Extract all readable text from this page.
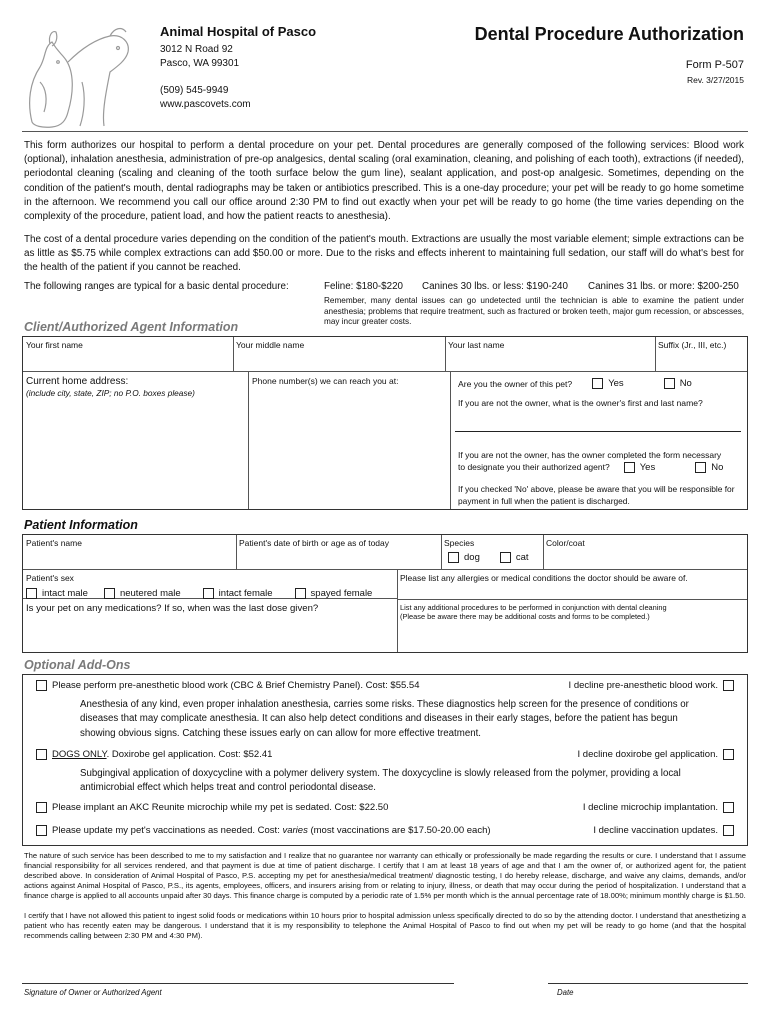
Animal Hospital of Pasco
3012 N Road 92
Pasco, WA 99301
(509) 545-9949
www.pascovets.com
Dental Procedure Authorization
Form P-507
Rev. 3/27/2015
This form authorizes our hospital to perform a dental procedure on your pet. Dental procedures are generally composed of the following services: Blood work (optional), inhalation anesthesia, administration of pre-op analgesics, dental scaling (oral examination, cleaning, and polishing of each tooth), extractions (if needed), periodontal cleaning (scaling and cleaning of the tooth surface below the gum line), sealant application, and post-op analgesic. Sometimes, depending on the condition of the patient's mouth, dental radiographs may be taken or antibiotics prescribed. This is a one-day procedure; your pet will be ready to go home sometime in the afternoon. We recommend you call our office around 2:30 PM to find out exactly when your pet will be ready to go home (the time varies depending on the complexity of the procedure, patient load, and how the patient reacts to anesthesia).
The cost of a dental procedure varies depending on the condition of the patient's mouth. Extractions are usually the most variable element; simple extractions can be as little as $5.75 while complex extractions can add $50.00 or more. Due to the risks and effects inherent to maintaining full sedation, our staff will do what's best for the health of the patient if you cannot be reached.
The following ranges are typical for a basic dental procedure:	Feline: $180-$220 Canines 30 lbs. or less: $190-240 Canines 31 lbs. or more: $200-250
Remember, many dental issues can go undetected until the technician is able to examine the patient under anesthesia; problems that require treatment, such as fractured or broken teeth, major gum recession, or abscesses, may incur greater costs.
Client/Authorized Agent Information
Your first name	Your middle name	Your last name	Suffix (Jr., III, etc.)
Current home address:
(include city, state, ZIP; no P.O. boxes please)
Phone number(s) we can reach you at:	Are you the owner of this pet?	Yes	No
If you are not the owner, what is the owner's first and last name?
If you are not the owner, has the owner completed the form necessary
to designate you their authorized agent?	Yes	No
If you checked 'No' above, please be aware that you will be responsible for payment in full when the patient is discharged.
Patient Information
Patient's name	Patient's date of birth or age as of today	Species
dog	cat
Color/coat
Patient's sex
intact male	neutered male	intact female	spayed female
Please list any allergies or medical conditions the doctor should be aware of.
Is your pet on any medications? If so, when was the last dose given?	List any additional procedures to be performed in conjunction with dental cleaning
(Please be aware there may be additional costs and forms to be completed.)
Optional Add-Ons
Please perform pre-anesthetic blood work (CBC & Brief Chemistry Panel). Cost: $55.54	I decline pre-anesthetic blood work.
Anesthesia of any kind, even proper inhalation anesthesia, carries some risks. These diagnostics help screen for the presence of conditions or diseases that may complicate anesthesia. It can also help detect conditions and diseases in their early stages, before the patient has begun showing obvious signs. Catching these issues early on can allow for more effective treatment.
DOGS ONLY. Doxirobe gel application. Cost: $52.41	I decline doxirobe gel application.
Subgingival application of doxycycline with a polymer delivery system. The doxycycline is slowly released from the polymer, providing a local antimicrobial effect which helps treat and control periodontal disease.
Please implant an AKC Reunite microchip while my pet is sedated. Cost: $22.50	I decline microchip implantation.
Please update my pet's vaccinations as needed. Cost: varies (most vaccinations are $17.50-20.00 each)	I decline vaccination updates.
The nature of such service has been described to me to my satisfaction and I realize that no guarantee nor warranty can ethically or professionally be made regarding the results or cure. I understand that I assume financial responsibility for all services rendered, and that payment is due at time of patient discharge. I certify that I am at least 18 years of age and that I am the owner of, or authorized agent for, the patient described above. In consideration of Animal Hospital of Pasco, P.S. accepting my pet for anesthesia/medical treatment/ diagnostic testing, I do hereby release, discharge, and waive any claims, demands, and/or actions against Animal Hospital of Pasco, P.S., its agents, employees, officers, and insurers arising from or relating to injury, illness, or death that may occur during the period of hospitalization. I understand that a finance charge is applied to all accounts unpaid after 30 days. This finance charge is computed by a periodic rate of 1.5% per month which is the annual percentage rate of 18.00%; minimum monthly charge is $1.50.
I certify that I have not allowed this patient to ingest solid foods or medications within 10 hours prior to hospital admission unless specifically directed to do so by the attending doctor. I understand that anesthetizing a patient who has recently eaten may be dangerous. I understand that it is my responsibility to telephone the Animal Hospital of Pasco to find out when my pet will be ready to go home (and that the hospital recommends calling between 2:30 PM and 4:30 PM).
Signature of Owner or Authorized Agent	Date
